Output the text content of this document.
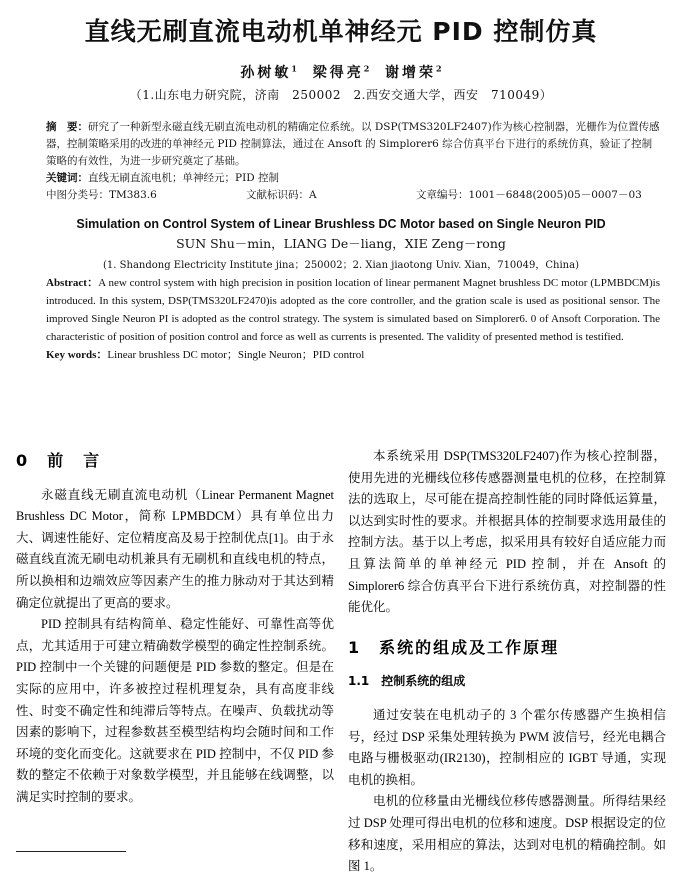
直线无刷直流电动机单神经元 PID 控制仿真
孙树敏$^1$ 梁得亮$^2$ 谢增荣$^2$
（1.山东电力研究院，济南　250002　2.西安交通大学，西安　710049）
摘　要：研究了一种新型永磁直线无刷直流电动机的精确定位系统。以 DSP(TMS320LF2407)作为核心控制器，光栅作为位置传感器，控制策略采用的改进的单神经元 PID 控制算法，通过在 Ansoft 的 Simplorer6 综合仿真平台下进行的系统仿真，验证了控制策略的有效性，为进一步研究奠定了基础。
关键词：直线无刷直流电机；单神经元；PID 控制
中图分类号：TM383.6	文献标识码：A	文章编号：1001－6848(2005)05－0007－03
Simulation on Control System of Linear Brushless DC Motor based on Single Neuron PID
SUN Shu－min，LIANG De－liang，XIE Zeng－rong
(1. Shandong Electricity Institute jina；250002；2. Xian jiaotong Univ. Xian，710049，China)
Abstract：A new control system with high precision in position location of linear permanent Magnet brushless DC motor (LPMBDCM)is introduced. In this system, DSP(TMS320LF2470)is adopted as the core controller, and the gration scale is used as positional sensor. The improved Single Neuron PI is adopted as the control strategy. The system is simulated based on Simplorer6. 0 of Ansoft Corporation. The characteristic of position of position control and force as well as currents is presented. The validity of presented method is testified.
Key words：Linear brushless DC motor；Single Neuron；PID control
0　前　言

永磁直线无刷直流电动机（Linear Permanent Magnet Brushless DC Motor，简称 LPMBDCM）具有单位出力大、调速性能好、定位精度高及易于控制优点[1]。由于永磁直线直流无刷电动机兼具有无刷机和直线电机的特点，所以换相和边端效应等因素产生的推力脉动对于其达到精确定位就提出了更高的要求。

PID 控制具有结构简单、稳定性能好、可靠性高等优点，尤其适用于可建立精确数学模型的确定性控制系统。PID 控制中一个关键的问题便是 PID 参数的整定。但是在实际的应用中，许多被控过程机理复杂，具有高度非线性、时变不确定性和纯滞后等特点。在噪声、负载扰动等因素的影响下，过程参数甚至模型结构均会随时间和工作环境的变化而变化。这就要求在 PID 控制中，不仅 PID 参数的整定不依赖于对象数学模型，并且能够在线调整，以满足实时控制的要求。

本系统采用 DSP(TMS320LF2407)作为核心控制器，使用先进的光栅线位移传感器测量电机的位移，在控制算法的选取上，尽可能在提高控制性能的同时降低运算量，以达到实时性的要求。并根据具体的控制要求选用最佳的控制方法。基于以上考虑，拟采用具有较好自适应能力而且算法简单的单神经元 PID 控制，并在 Ansoft 的 Simplorer6 综合仿真平台下进行系统仿真，对控制器的性能优化。

1　系统的组成及工作原理
1.1　控制系统的组成

通过安装在电机动子的 3 个霍尔传感器产生换相信号，经过 DSP 采集处理转换为 PWM 波信号，经光电耦合电路与栅极驱动(IR2130)，控制相应的 IGBT 导通，实现电机的换相。

电机的位移量由光栅线位移传感器测量。所得结果经过 DSP 处理可得出电机的位移和速度。DSP 根据设定的位移和速度，采用相应的算法，达到对电机的精确控制。如图 1。
